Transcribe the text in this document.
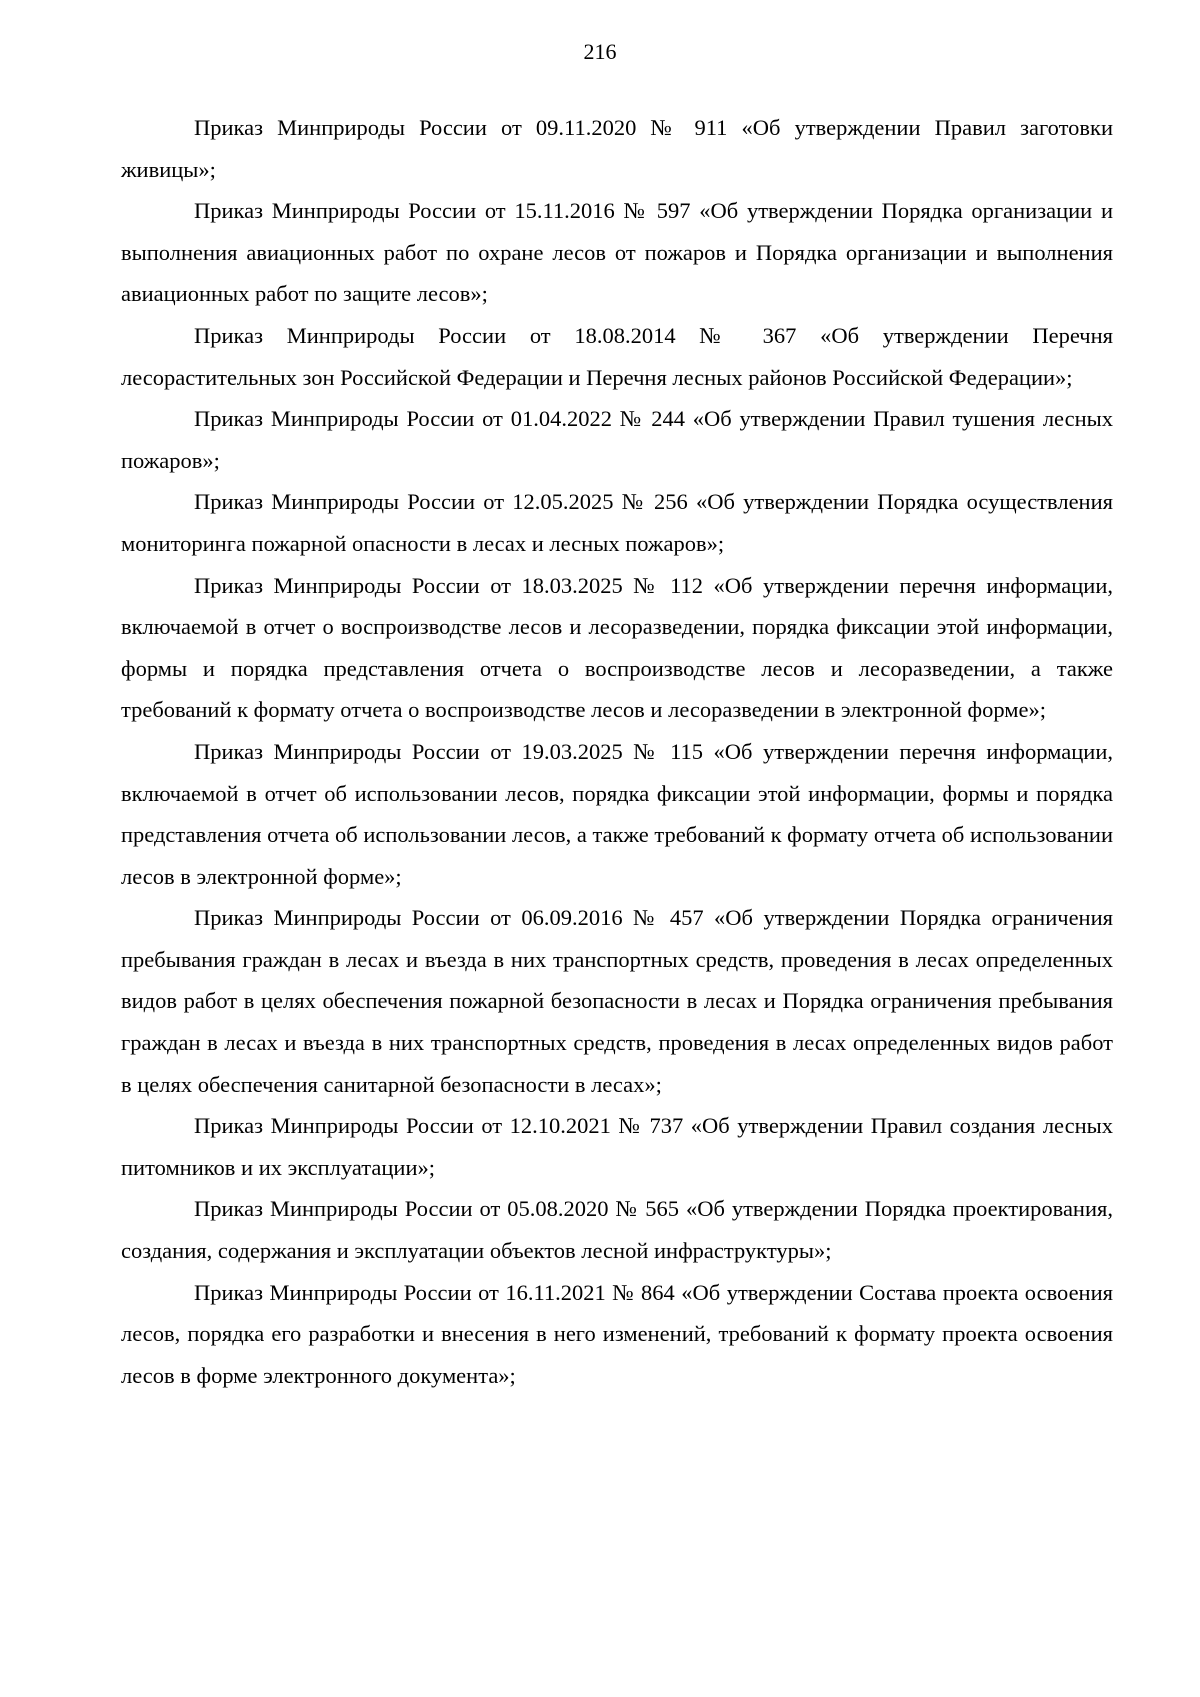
216

Приказ Минприроды России от 09.11.2020 № 911 «Об утверждении Правил заготовки живицы»;

Приказ Минприроды России от 15.11.2016 № 597 «Об утверждении Порядка организации и выполнения авиационных работ по охране лесов от пожаров и Порядка организации и выполнения авиационных работ по защите лесов»;

Приказ Минприроды России от 18.08.2014 № 367 «Об утверждении Перечня лесорастительных зон Российской Федерации и Перечня лесных районов Российской Федерации»;

Приказ Минприроды России от 01.04.2022 № 244 «Об утверждении Правил тушения лесных пожаров»;

Приказ Минприроды России от 12.05.2025 № 256 «Об утверждении Порядка осуществления мониторинга пожарной опасности в лесах и лесных пожаров»;

Приказ Минприроды России от 18.03.2025 № 112 «Об утверждении перечня информации, включаемой в отчет о воспроизводстве лесов и лесоразведении, порядка фиксации этой информации, формы и порядка представления отчета о воспроизводстве лесов и лесоразведении, а также требований к формату отчета о воспроизводстве лесов и лесоразведении в электронной форме»;

Приказ Минприроды России от 19.03.2025 № 115 «Об утверждении перечня информации, включаемой в отчет об использовании лесов, порядка фиксации этой информации, формы и порядка представления отчета об использовании лесов, а также требований к формату отчета об использовании лесов в электронной форме»;

Приказ Минприроды России от 06.09.2016 № 457 «Об утверждении Порядка ограничения пребывания граждан в лесах и въезда в них транспортных средств, проведения в лесах определенных видов работ в целях обеспечения пожарной безопасности в лесах и Порядка ограничения пребывания граждан в лесах и въезда в них транспортных средств, проведения в лесах определенных видов работ в целях обеспечения санитарной безопасности в лесах»;

Приказ Минприроды России от 12.10.2021 № 737 «Об утверждении Правил создания лесных питомников и их эксплуатации»;

Приказ Минприроды России от 05.08.2020 № 565 «Об утверждении Порядка проектирования, создания, содержания и эксплуатации объектов лесной инфраструктуры»;

Приказ Минприроды России от 16.11.2021 № 864 «Об утверждении Состава проекта освоения лесов, порядка его разработки и внесения в него изменений, требований к формату проекта освоения лесов в форме электронного документа»;
